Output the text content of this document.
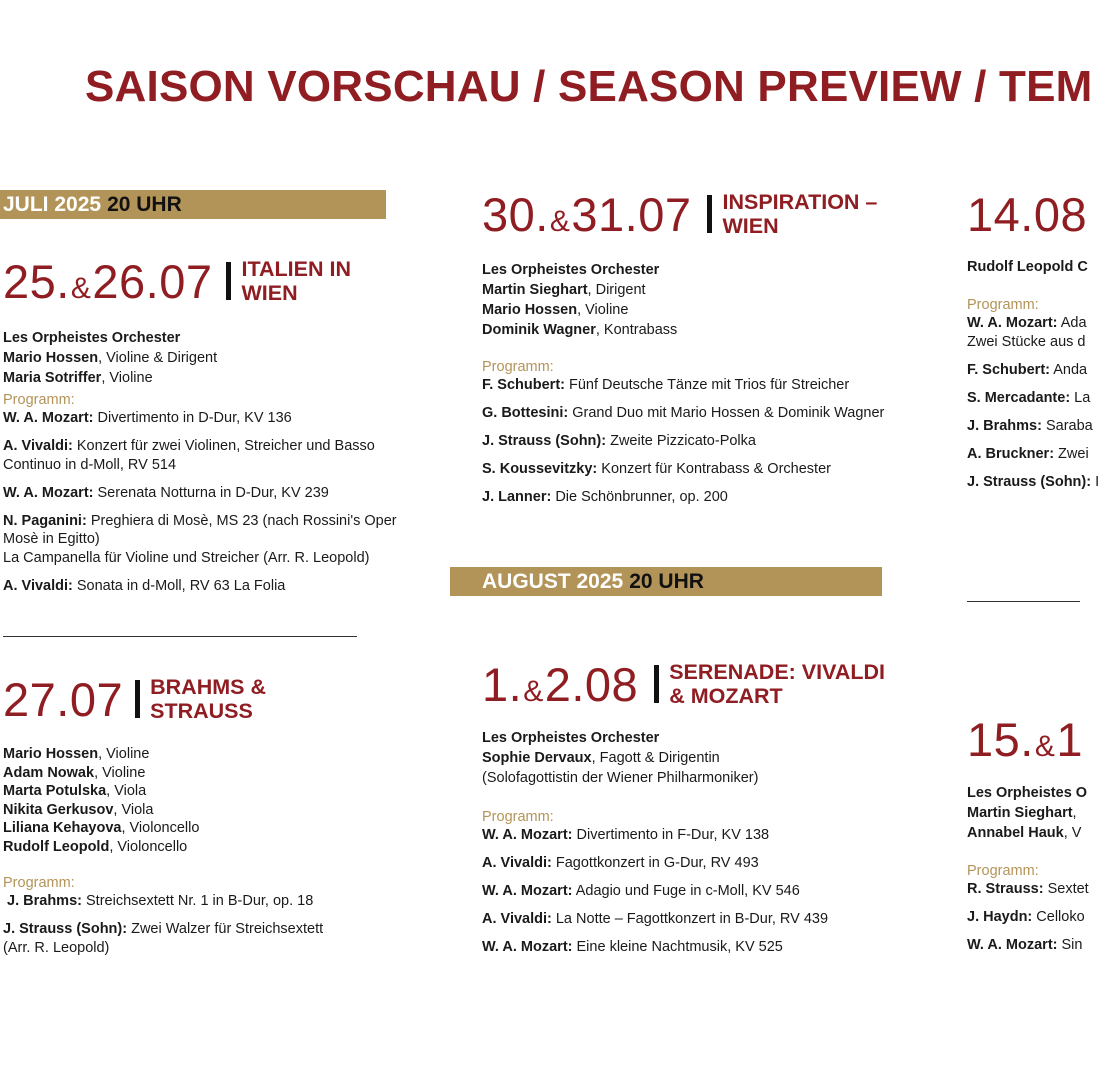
SAISON VORSCHAU / SEASON PREVIEW / TEM
JULI 2025 20 UHR
AUGUST 2025 20 UHR
25.&26.07 ITALIEN IN WIEN
Les Orpheistes Orchester
Mario Hossen, Violine & Dirigent
Maria Sotriffer, Violine
Programm:
W. A. Mozart: Divertimento in D-Dur, KV 136
A. Vivaldi: Konzert für zwei Violinen, Streicher und Basso Continuo in d-Moll, RV 514
W. A. Mozart: Serenata Notturna in D-Dur, KV 239
N. Paganini: Preghiera di Mosè, MS 23 (nach Rossini's Oper Mosè in Egitto)
La Campanella für Violine und Streicher (Arr. R. Leopold)
A. Vivaldi: Sonata in d-Moll, RV 63 La Folia
27.07 BRAHMS & STRAUSS
Mario Hossen, Violine
Adam Nowak, Violine
Marta Potulska, Viola
Nikita Gerkusov, Viola
Liliana Kehayova, Violoncello
Rudolf Leopold, Violoncello
Programm:
J. Brahms: Streichsextett Nr. 1 in B-Dur, op. 18
J. Strauss (Sohn): Zwei Walzer für Streichsextett (Arr. R. Leopold)
30.&31.07 INSPIRATION – WIEN
Les Orpheistes Orchester
Martin Sieghart, Dirigent
Mario Hossen, Violine
Dominik Wagner, Kontrabass
Programm:
F. Schubert: Fünf Deutsche Tänze mit Trios für Streicher
G. Bottesini: Grand Duo mit Mario Hossen & Dominik Wagner
J. Strauss (Sohn): Zweite Pizzicato-Polka
S. Koussevitzky: Konzert für Kontrabass & Orchester
J. Lanner: Die Schönbrunner, op. 200
1.&2.08 SERENADE: VIVALDI & MOZART
Les Orpheistes Orchester
Sophie Dervaux, Fagott & Dirigentin
(Solofagottistin der Wiener Philharmoniker)
Programm:
W. A. Mozart: Divertimento in F-Dur, KV 138
A. Vivaldi: Fagottkonzert in G-Dur, RV 493
W. A. Mozart: Adagio und Fuge in c-Moll, KV 546
A. Vivaldi: La Notte – Fagottkonzert in B-Dur, RV 439
W. A. Mozart: Eine kleine Nachtmusik, KV 525
14.08
Rudolf Leopold C
Programm:
W. A. Mozart: Ada
Zwei Stücke aus d
F. Schubert: Anda
S. Mercadante: La
J. Brahms: Saraba
A. Bruckner: Zwei
J. Strauss (Sohn): I
15.&1
Les Orpheistes O
Martin Sieghart,
Annabel Hauk, V
Programm:
R. Strauss: Sextet
J. Haydn: Celloko
W. A. Mozart: Sin
